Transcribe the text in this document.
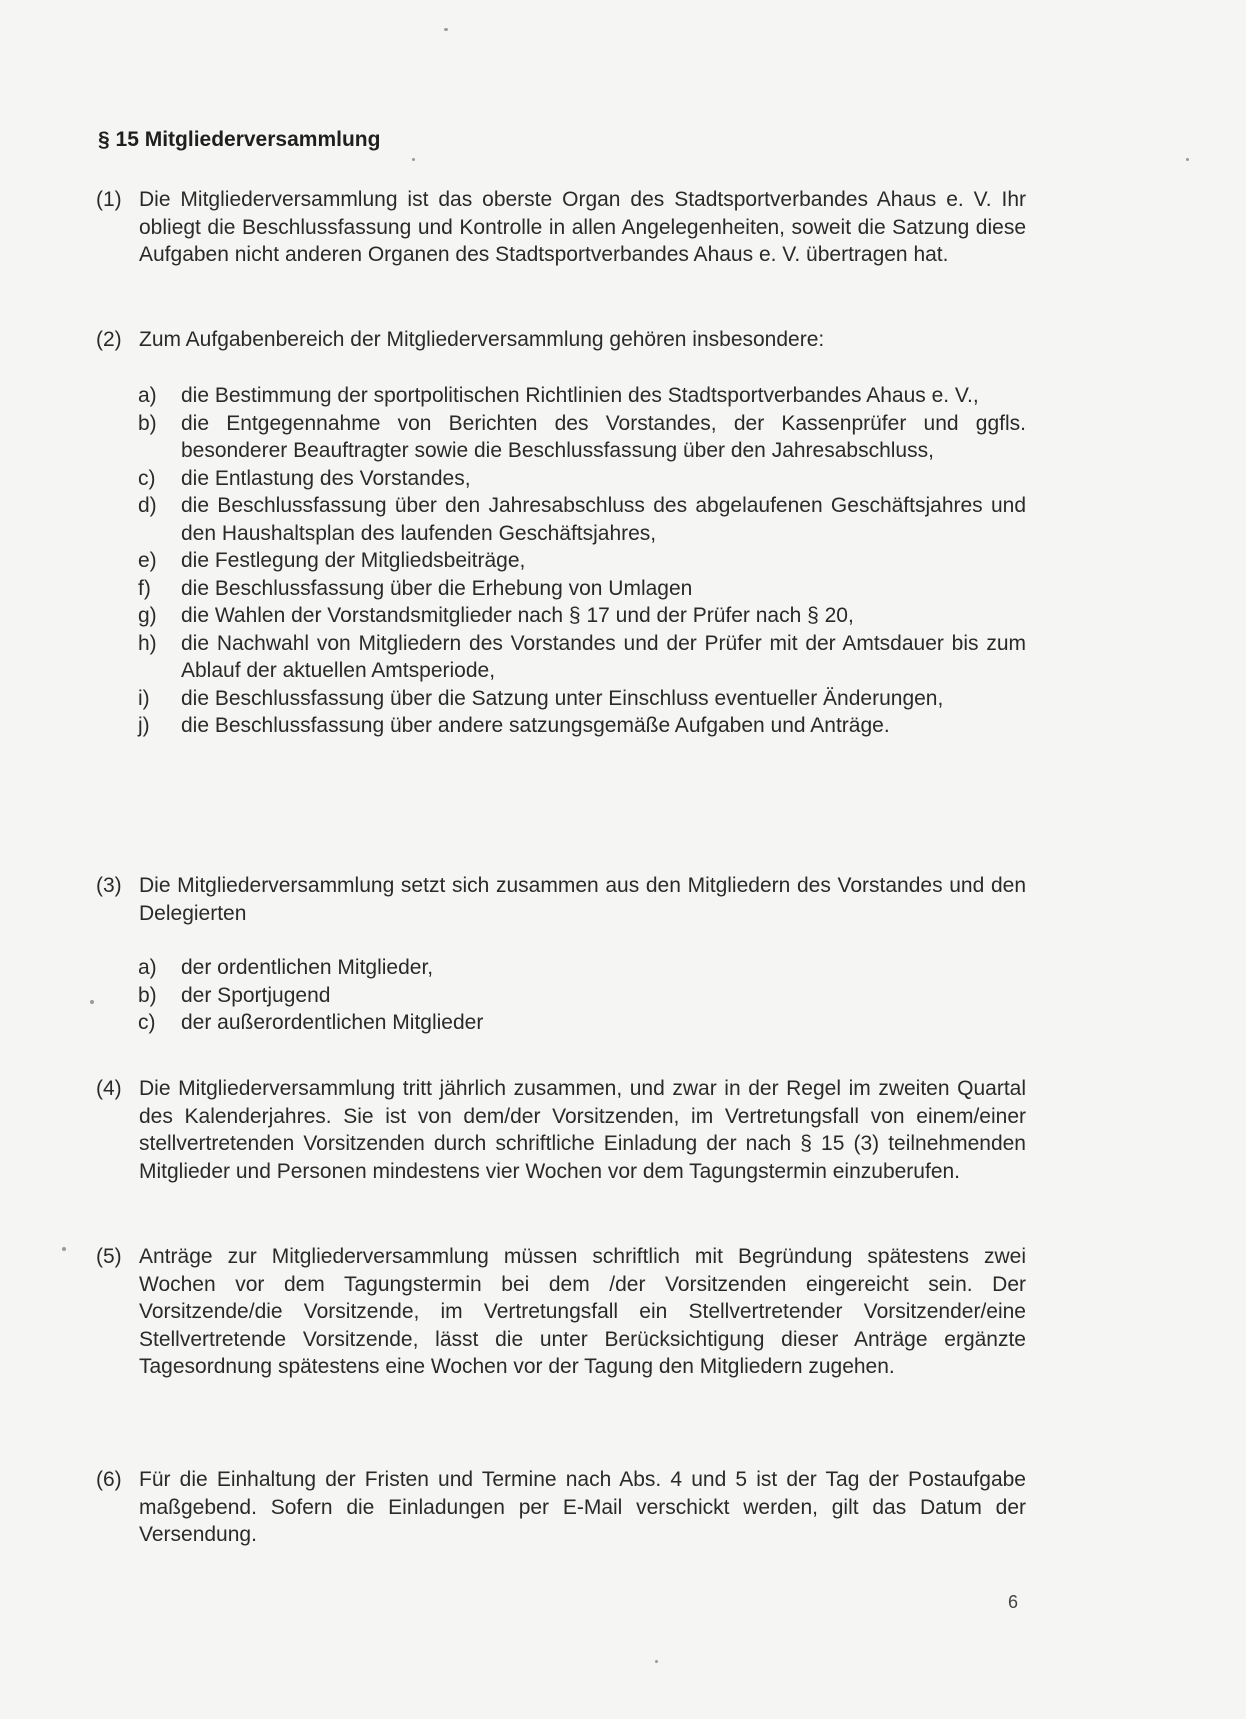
§ 15 Mitgliederversammlung
(1) Die Mitgliederversammlung ist das oberste Organ des Stadtsportverbandes Ahaus e. V. Ihr obliegt die Beschlussfassung und Kontrolle in allen Angelegenheiten, soweit die Satzung diese Aufgaben nicht anderen Organen des Stadtsportverbandes Ahaus e. V. übertragen hat.
(2) Zum Aufgabenbereich der Mitgliederversammlung gehören insbesondere:
a) die Bestimmung der sportpolitischen Richtlinien des Stadtsportverbandes Ahaus e. V.,
b) die Entgegennahme von Berichten des Vorstandes, der Kassenprüfer und ggfls. besonderer Beauftragter sowie die Beschlussfassung über den Jahresabschluss,
c) die Entlastung des Vorstandes,
d) die Beschlussfassung über den Jahresabschluss des abgelaufenen Geschäftsjahres und den Haushaltsplan des laufenden Geschäftsjahres,
e) die Festlegung der Mitgliedsbeiträge,
f) die Beschlussfassung über die Erhebung von Umlagen
g) die Wahlen der Vorstandsmitglieder nach § 17 und der Prüfer nach § 20,
h) die Nachwahl von Mitgliedern des Vorstandes und der Prüfer mit der Amtsdauer bis zum Ablauf der aktuellen Amtsperiode,
i) die Beschlussfassung über die Satzung unter Einschluss eventueller Änderungen,
j) die Beschlussfassung über andere satzungsgemäße Aufgaben und Anträge.
(3) Die Mitgliederversammlung setzt sich zusammen aus den Mitgliedern des Vorstandes und den Delegierten
a) der ordentlichen Mitglieder,
b) der Sportjugend
c) der außerordentlichen Mitglieder
(4) Die Mitgliederversammlung tritt jährlich zusammen, und zwar in der Regel im zweiten Quartal des Kalenderjahres. Sie ist von dem/der Vorsitzenden, im Vertretungsfall von einem/einer stellvertretenden Vorsitzenden durch schriftliche Einladung der nach § 15 (3) teilnehmenden Mitglieder und Personen mindestens vier Wochen vor dem Tagungstermin einzuberufen.
(5) Anträge zur Mitgliederversammlung müssen schriftlich mit Begründung spätestens zwei Wochen vor dem Tagungstermin bei dem /der Vorsitzenden eingereicht sein. Der Vorsitzende/die Vorsitzende, im Vertretungsfall ein Stellvertretender Vorsitzender/eine Stellvertretende Vorsitzende, lässt die unter Berücksichtigung dieser Anträge ergänzte Tagesordnung spätestens eine Wochen vor der Tagung den Mitgliedern zugehen.
(6) Für die Einhaltung der Fristen und Termine nach Abs. 4 und 5 ist der Tag der Postaufgabe maßgebend. Sofern die Einladungen per E-Mail verschickt werden, gilt das Datum der Versendung.
6
